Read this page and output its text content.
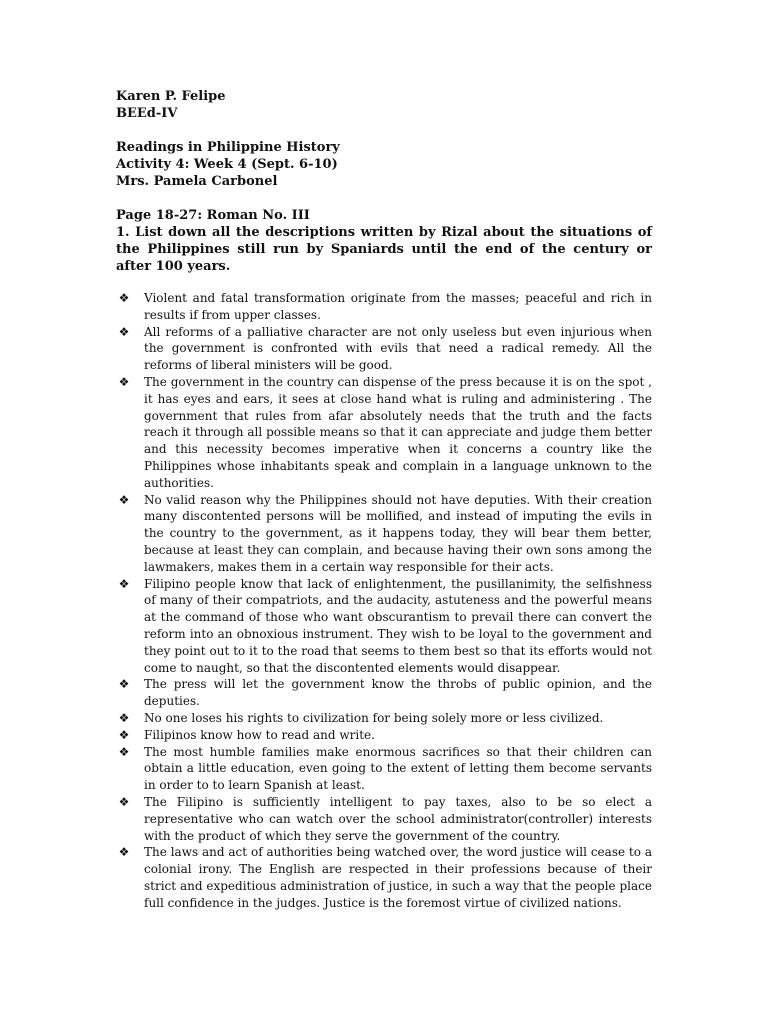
Karen P. Felipe

BEEd-IV

Readings in Philippine History

Activity 4: Week 4 (Sept. 6-10)

Mrs. Pamela Carbonel

Page 18-27: Roman No. III

1. List down all the descriptions written by Rizal about the situations of the Philippines still run by Spaniards until the end of the century or after 100 years.

❖ Violent and fatal transformation originate from the masses; peaceful and rich in results if from upper classes.
❖ All reforms of a palliative character are not only useless but even injurious when the government is confronted with evils that need a radical remedy. All the reforms of liberal ministers will be good.
❖ The government in the country can dispense of the press because it is on the spot , it has eyes and ears, it sees at close hand what is ruling and administering . The government that rules from afar absolutely needs that the truth and the facts reach it through all possible means so that it can appreciate and judge them better and this necessity becomes imperative when it concerns a country like the Philippines whose inhabitants speak and complain in a language unknown to the authorities.
❖ No valid reason why the Philippines should not have deputies. With their creation many discontented persons will be mollified, and instead of imputing the evils in the country to the government, as it happens today, they will bear them better, because at least they can complain, and because having their own sons among the lawmakers, makes them in a certain way responsible for their acts.
❖ Filipino people know that lack of enlightenment, the pusillanimity, the selfishness of many of their compatriots, and the audacity, astuteness and the powerful means at the command of those who want obscurantism to prevail there can convert the reform into an obnoxious instrument. They wish to be loyal to the government and they point out to it to the road that seems to them best so that its efforts would not come to naught, so that the discontented elements would disappear.
❖ The press will let the government know the throbs of public opinion, and the deputies.
❖ No one loses his rights to civilization for being solely more or less civilized.
❖ Filipinos know how to read and write.
❖ The most humble families make enormous sacrifices so that their children can obtain a little education, even going to the extent of letting them become servants in order to to learn Spanish at least.
❖ The Filipino is sufficiently intelligent to pay taxes, also to be so elect a representative who can watch over the school administrator(controller) interests with the product of which they serve the government of the country.
❖ The laws and act of authorities being watched over, the word justice will cease to a colonial irony. The English are respected in their professions because of their strict and expeditious administration of justice, in such a way that the people place full confidence in the judges. Justice is the foremost virtue of civilized nations.
